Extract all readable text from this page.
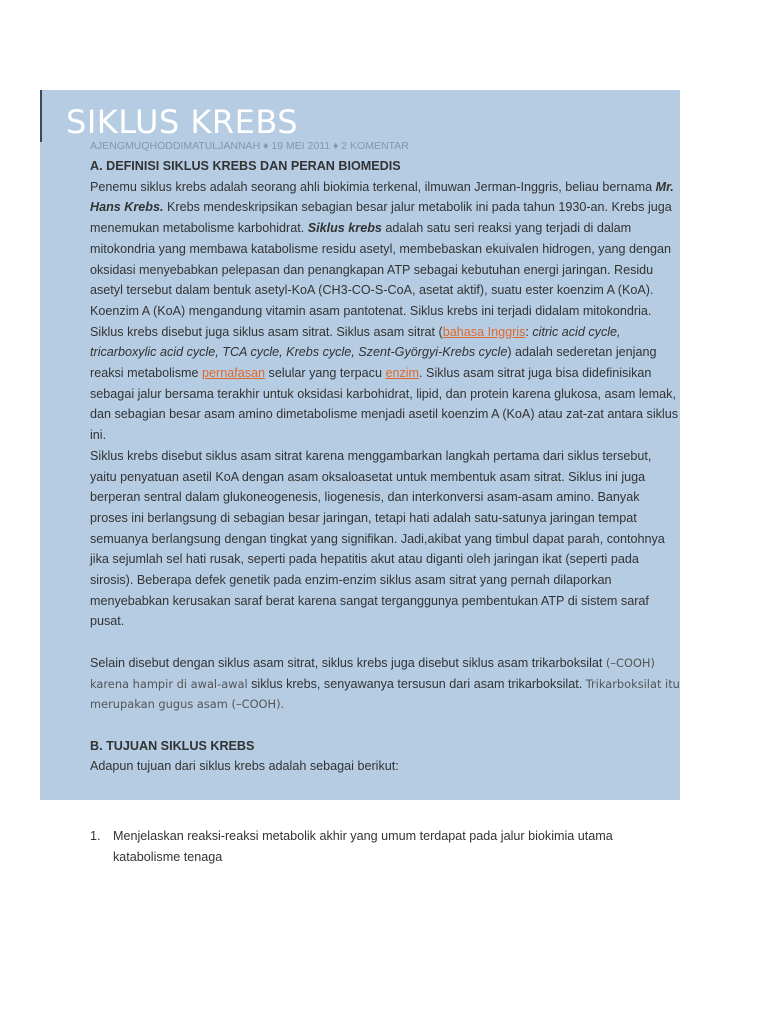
SIKLUS KREBS
AJENGMUQHODDIMATULJANNAH ♦ 19 MEI 2011 ♦ 2 KOMENTAR
A. DEFINISI SIKLUS KREBS DAN PERAN BIOMEDIS

Penemu siklus krebs adalah seorang ahli biokimia terkenal, ilmuwan Jerman-Inggris, beliau bernama Mr. Hans Krebs. Krebs mendeskripsikan sebagian besar jalur metabolik ini pada tahun 1930-an. Krebs juga menemukan metabolisme karbohidrat. Siklus krebs adalah satu seri reaksi yang terjadi di dalam mitokondria yang membawa katabolisme residu asetyl, membebaskan ekuivalen hidrogen, yang dengan oksidasi menyebabkan pelepasan dan penangkapan ATP sebagai kebutuhan energi jaringan. Residu asetyl tersebut dalam bentuk asetyl-KoA (CH3-CO-S-CoA, asetat aktif), suatu ester koenzim A (KoA). Koenzim A (KoA) mengandung vitamin asam pantotenat. Siklus krebs ini terjadi didalam mitokondria.

Siklus krebs disebut juga siklus asam sitrat. Siklus asam sitrat (bahasa Inggris: citric acid cycle, tricarboxylic acid cycle, TCA cycle, Krebs cycle, Szent-Györgyi-Krebs cycle) adalah sederetan jenjang reaksi metabolisme pernafasan selular yang terpacu enzim. Siklus asam sitrat juga bisa didefinisikan sebagai jalur bersama terakhir untuk oksidasi karbohidrat, lipid, dan protein karena glukosa, asam lemak, dan sebagian besar asam amino dimetabolisme menjadi asetil koenzim A (KoA) atau zat-zat antara siklus ini.

Siklus krebs disebut siklus asam sitrat karena menggambarkan langkah pertama dari siklus tersebut, yaitu penyatuan asetil KoA dengan asam oksaloasetat untuk membentuk asam sitrat. Siklus ini juga berperan sentral dalam glukoneogenesis, liogenesis, dan interkonversi asam-asam amino. Banyak proses ini berlangsung di sebagian besar jaringan, tetapi hati adalah satu-satunya jaringan tempat semuanya berlangsung dengan tingkat yang signifikan. Jadi,akibat yang timbul dapat parah, contohnya jika sejumlah sel hati rusak, seperti pada hepatitis akut atau diganti oleh jaringan ikat (seperti pada sirosis). Beberapa defek genetik pada enzim-enzim siklus asam sitrat yang pernah dilaporkan menyebabkan kerusakan saraf berat karena sangat terganggunya pembentukan ATP di sistem saraf pusat.

Selain disebut dengan siklus asam sitrat, siklus krebs juga disebut siklus asam trikarboksilat (–COOH) karena hampir di awal-awal siklus krebs, senyawanya tersusun dari asam trikarboksilat. Trikarboksilat itu merupakan gugus asam (–COOH).

B. TUJUAN SIKLUS KREBS

Adapun tujuan dari siklus krebs adalah sebagai berikut:

1. Menjelaskan reaksi-reaksi metabolik akhir yang umum terdapat pada jalur biokimia utama katabolisme tenaga
